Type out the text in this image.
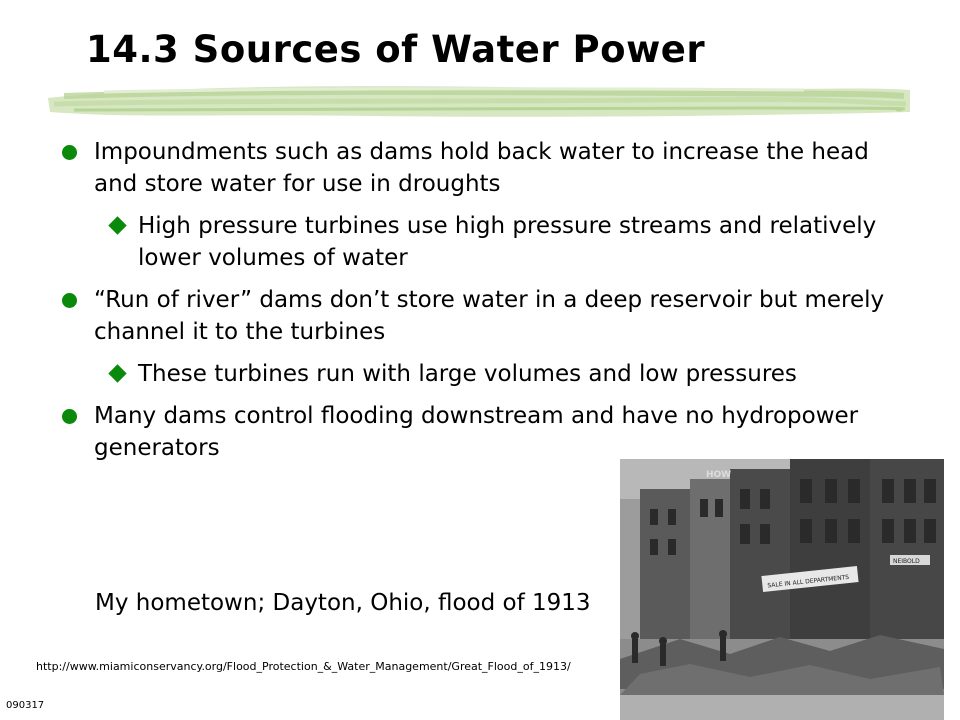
14.3 Sources of Water Power
Impoundments such as dams hold back water to increase the head and store water for use in droughts
High pressure turbines use high pressure streams and relatively lower volumes of water
“Run of river” dams don’t store water in a deep reservoir but merely channel it to the turbines
These turbines run with large volumes and low pressures
Many dams control flooding downstream and have no hydropower generators
My hometown; Dayton, Ohio, flood of 1913
http://www.miamiconservancy.org/Flood_Protection_&_Water_Management/Great_Flood_of_1913/
090317
SALE IN ALL DEPARTMENTS
NEIBOLD
HOW
